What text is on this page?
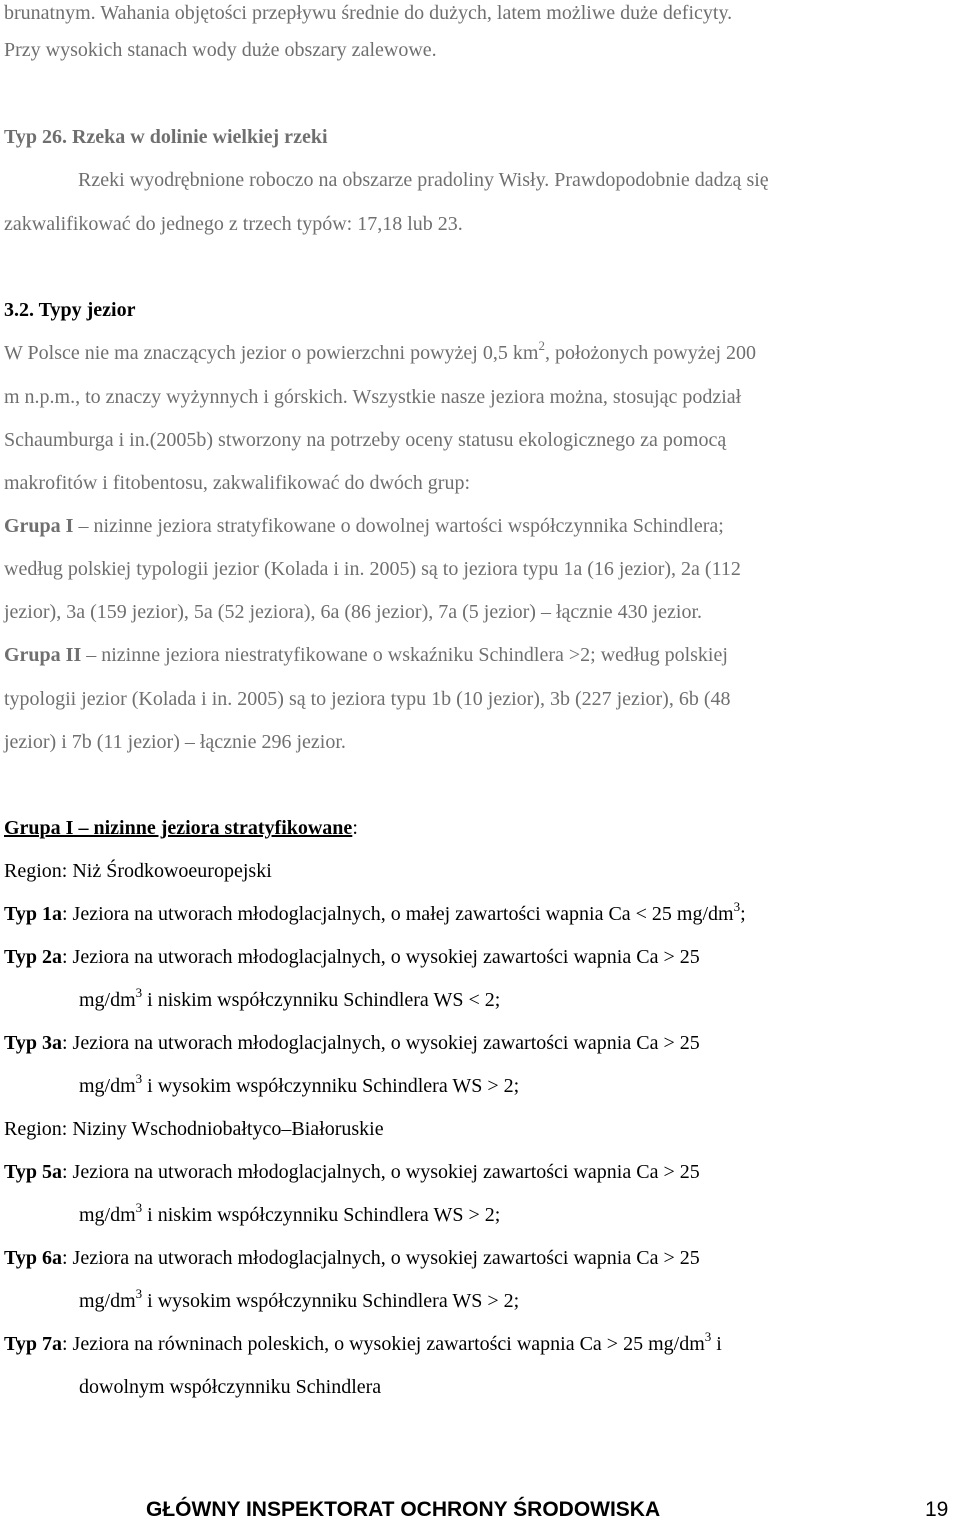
brunatnym. Wahania objętości przepływu średnie do dużych, latem możliwe duże deficyty.
Przy wysokich stanach wody duże obszary zalewowe.
Typ 26. Rzeka w dolinie wielkiej rzeki
Rzeki wyodrębnione roboczo na obszarze pradoliny Wisły. Prawdopodobnie dadzą się
zakwalifikować do jednego z trzech typów: 17,18 lub 23.
3.2. Typy jezior
W Polsce nie ma znaczących jezior o powierzchni powyżej 0,5 $km^2$, położonych powyżej 200
m n.p.m., to znaczy wyżynnych i górskich. Wszystkie nasze jeziora można, stosując podział
Schaumburga i in.(2005b) stworzony na potrzeby oceny statusu ekologicznego za pomocą
makrofitów i fitobentosu, zakwalifikować do dwóch grup:
Grupa I – nizinne jeziora stratyfikowane o dowolnej wartości współczynnika Schindlera;
według polskiej typologii jezior (Kolada i in. 2005) są to jeziora typu 1a (16 jezior), 2a (112
jezior), 3a (159 jezior), 5a (52 jeziora), 6a (86 jezior), 7a (5 jezior) – łącznie 430 jezior.
Grupa II – nizinne jeziora niestratyfikowane o wskaźniku Schindlera >2; według polskiej
typologii jezior (Kolada i in. 2005) są to jeziora typu 1b (10 jezior), 3b (227 jezior), 6b (48
jezior) i 7b (11 jezior) – łącznie 296 jezior.
Grupa I – nizinne jeziora stratyfikowane:
Region: Niż Środkowoeuropejski
Typ 1a: Jeziora na utworach młodoglacjalnych, o małej zawartości wapnia Ca < 25 $mg/dm^3$;
Typ 2a: Jeziora na utworach młodoglacjalnych, o wysokiej zawartości wapnia Ca > 25
$mg/dm^3$ i niskim współczynniku Schindlera WS < 2;
Typ 3a: Jeziora na utworach młodoglacjalnych, o wysokiej zawartości wapnia Ca > 25
$mg/dm^3$ i wysokim współczynniku Schindlera WS > 2;
Region: Niziny Wschodniobałtyco–Białoruskie
Typ 5a: Jeziora na utworach młodoglacjalnych, o wysokiej zawartości wapnia Ca > 25
$mg/dm^3$ i niskim współczynniku Schindlera WS > 2;
Typ 6a: Jeziora na utworach młodoglacjalnych, o wysokiej zawartości wapnia Ca > 25
$mg/dm^3$ i wysokim współczynniku Schindlera WS > 2;
Typ 7a: Jeziora na równinach poleskich, o wysokiej zawartości wapnia Ca > 25 $mg/dm^3$ i
dowolnym współczynniku Schindlera
GŁÓWNY INSPEKTORAT OCHRONY ŚRODOWISKA	19
